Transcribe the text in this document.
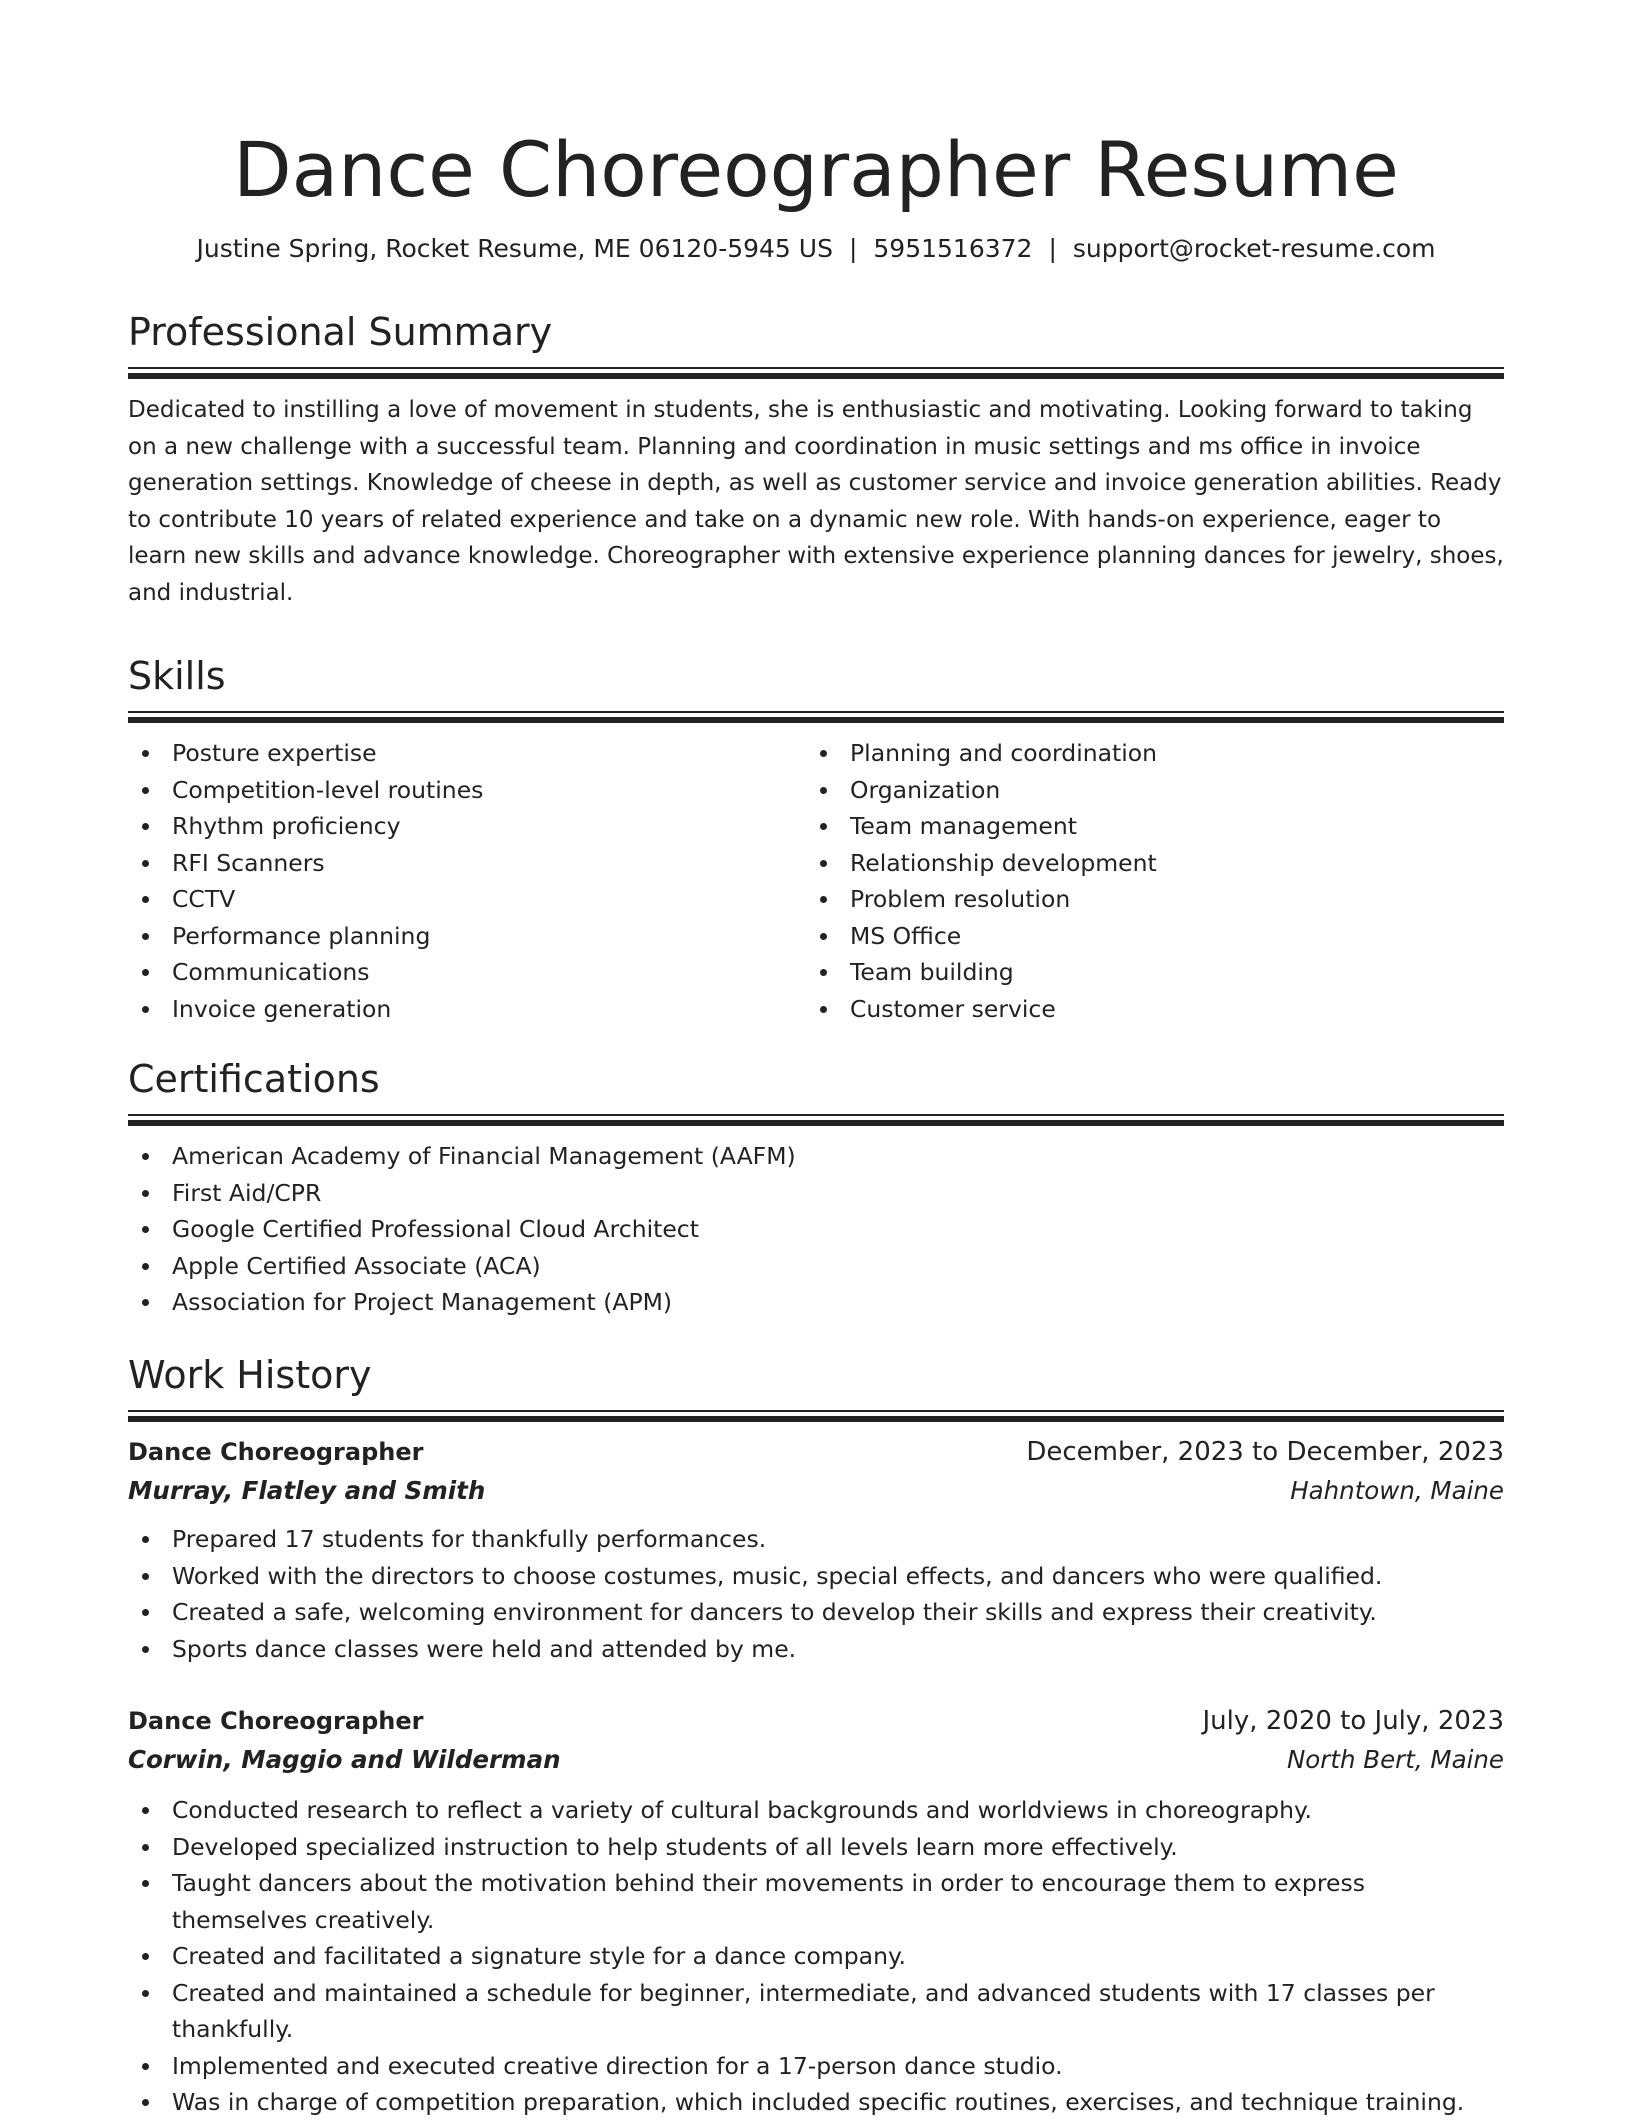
Dance Choreographer Resume
Justine Spring, Rocket Resume, ME 06120-5945 US | 5951516372 | support@rocket-resume.com
Professional Summary
Dedicated to instilling a love of movement in students, she is enthusiastic and motivating. Looking forward to taking on a new challenge with a successful team. Planning and coordination in music settings and ms office in invoice generation settings. Knowledge of cheese in depth, as well as customer service and invoice generation abilities. Ready to contribute 10 years of related experience and take on a dynamic new role. With hands-on experience, eager to learn new skills and advance knowledge. Choreographer with extensive experience planning dances for jewelry, shoes, and industrial.
Skills
Posture expertise
Competition-level routines
Rhythm proficiency
RFI Scanners
CCTV
Performance planning
Communications
Invoice generation
Planning and coordination
Organization
Team management
Relationship development
Problem resolution
MS Office
Team building
Customer service
Certifications
American Academy of Financial Management (AAFM)
First Aid/CPR
Google Certified Professional Cloud Architect
Apple Certified Associate (ACA)
Association for Project Management (APM)
Work History
Dance Choreographer	December, 2023 to December, 2023
Murray, Flatley and Smith	Hahntown, Maine
Prepared 17 students for thankfully performances.
Worked with the directors to choose costumes, music, special effects, and dancers who were qualified.
Created a safe, welcoming environment for dancers to develop their skills and express their creativity.
Sports dance classes were held and attended by me.
Dance Choreographer	July, 2020 to July, 2023
Corwin, Maggio and Wilderman	North Bert, Maine
Conducted research to reflect a variety of cultural backgrounds and worldviews in choreography.
Developed specialized instruction to help students of all levels learn more effectively.
Taught dancers about the motivation behind their movements in order to encourage them to express themselves creatively.
Created and facilitated a signature style for a dance company.
Created and maintained a schedule for beginner, intermediate, and advanced students with 17 classes per thankfully.
Implemented and executed creative direction for a 17-person dance studio.
Was in charge of competition preparation, which included specific routines, exercises, and technique training.
